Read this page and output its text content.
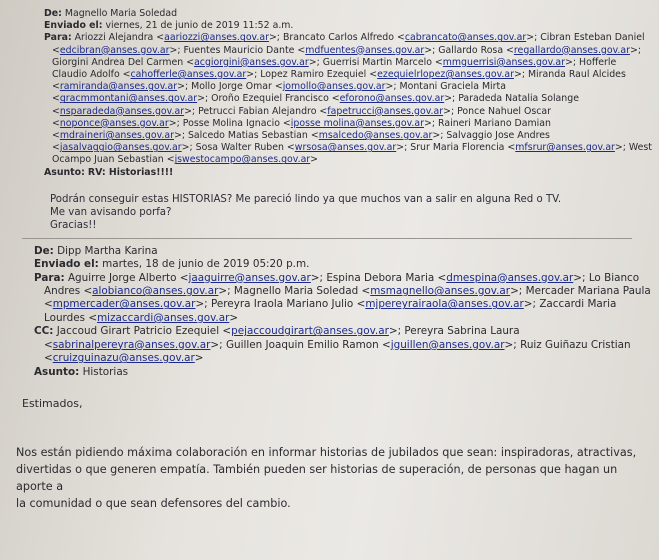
De: Magnello Maria Soledad
Enviado el: viernes, 21 de junio de 2019 11:52 a.m.
Para: Ariozzi Alejandra <aariozzi@anses.gov.ar>; Brancato Carlos Alfredo <cabrancato@anses.gov.ar>; Cibran Esteban Daniel <edcibran@anses.gov.ar>; Fuentes Mauricio Dante <mdfuentes@anses.gov.ar>; Gallardo Rosa <regallardo@anses.gov.ar>; Giorgini Andrea Del Carmen <acgiorgini@anses.gov.ar>; Guerrisi Martin Marcelo <mmguerrisi@anses.gov.ar>; Hofferle Claudio Adolfo <cahofferle@anses.gov.ar>; Lopez Ramiro Ezequiel <ezequielrlopez@anses.gov.ar>; Miranda Raul Alcides <ramiranda@anses.gov.ar>; Mollo Jorge Omar <jomollo@anses.gov.ar>; Montani Graciela Mirta <gracmmontani@anses.gov.ar>; Oroño Ezequiel Francisco <eforono@anses.gov.ar>; Paradeda Natalia Solange <nsparadeda@anses.gov.ar>; Petrucci Fabian Alejandro <fapetrucci@anses.gov.ar>; Ponce Nahuel Oscar <noponce@anses.gov.ar>; Posse Molina Ignacio <iposse molina@anses.gov.ar>; Raineri Mariano Damian <mdraineri@anses.gov.ar>; Salcedo Matias Sebastian <msalcedo@anses.gov.ar>; Salvaggio Jose Andres <jasalvaggio@anses.gov.ar>; Sosa Walter Ruben <wrsosa@anses.gov.ar>; Srur Maria Florencia <mfsrur@anses.gov.ar>; West Ocampo Juan Sebastian <jswestocampo@anses.gov.ar>
Asunto: RV: Historias!!!!
Podrán conseguir estas HISTORIAS? Me pareció lindo ya que muchos van a salir en alguna Red o TV.
Me van avisando porfa?
Gracias!!
De: Dipp Martha Karina
Enviado el: martes, 18 de junio de 2019 05:20 p.m.
Para: Aguirre Jorge Alberto <jaaguirre@anses.gov.ar>; Espina Debora Maria <dmespina@anses.gov.ar>; Lo Bianco Andres <alobianco@anses.gov.ar>; Magnello Maria Soledad <msmagnello@anses.gov.ar>; Mercader Mariana Paula <mpmercader@anses.gov.ar>; Pereyra Iraola Mariano Julio <mjpereyrairaola@anses.gov.ar>; Zaccardi Maria Lourdes <mizaccardi@anses.gov.ar>
CC: Jaccoud Girart Patricio Ezequiel <pejaccoudgirart@anses.gov.ar>; Pereyra Sabrina Laura <sabrinalpereyra@anses.gov.ar>; Guillen Joaquin Emilio Ramon <jguillen@anses.gov.ar>; Ruiz Guiñazu Cristian <cruizguinazu@anses.gov.ar>
Asunto: Historias
Estimados,
Nos están pidiendo máxima colaboración en informar historias de jubilados que sean: inspiradoras, atractivas,
divertidas o que generen empatía. También pueden ser historias de superación, de personas que hagan un aporte a
la comunidad o que sean defensores del cambio.
